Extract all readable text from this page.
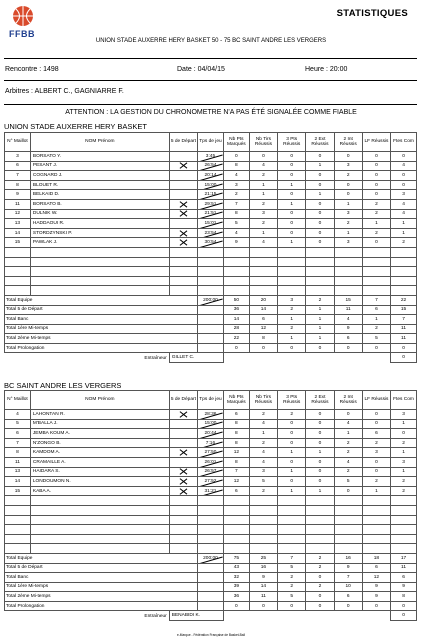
FFBB
STATISTIQUES
UNION STADE AUXERRE HERY BASKET 50 - 75 BC SAINT ANDRE LES VERGERS
Rencontre : 1498	Date : 04/04/15	Heure : 20:00
Arbitres : ALBERT C., GAGNIARRE F.
ATTENTION : LA GESTION DU CHRONOMETRE N'A PAS ÉTÉ SIGNALÉE COMME FIABLE
UNION STADE AUXERRE HERY BASKET
N° Maillot	NOM Prénom	5 de Départ	Tps de jeu	Nb Pts Marqués	Nb Tirs Réussis	3 Pts Réussis	2 Ext Réussis	2 Int Réussis	LF Réussis	Ftes Com
3	BORSATO Y.		3:45	0	0	0	0	0	0	0
6	PESANT J.		26:54	8	4	0	1	3	0	4
7	COGNARD J.		20:14	4	2	0	0	2	0	0
8	BLOUET R.		15:00	3	1	1	0	0	0	0
9	BELKAID D.		21:15	2	1	0	1	0	0	3
11	BORSATO B.		29:51	7	2	1	0	1	2	4
12	DULNIK W.		21:51	8	3	0	0	3	2	4
13	HADDAOUI R.		15:01	5	2	0	0	2	1	1
14	STORDZYNSKI P.		23:54	4	1	0	0	1	2	1
15	PAWLAK J.		30:54	9	4	1	0	3	0	2

Total Equipe			200:00	50	20	3	2	15	7	22
Total 5 de Départ				36	14	2	1	11	6	15
Total Banc				14	6	1	1	4	1	7
Total 1ère Mi-temps				28	12	2	1	9	2	11
Total 2ème Mi-temps				22	8	1	1	6	5	11
Total Prolongation				0	0	0	0	0	0	0
Entraîneur		GILLET C.								0
BC SAINT ANDRE LES VERGERS
N° Maillot	NOM Prénom	5 de Départ	Tps de jeu	Nb Pts Marqués	Nb Tirs Réussis	3 Pts Réussis	2 Ext Réussis	2 Int Réussis	LF Réussis	Ftes Com
4	LAHONTAN R.		28:36	6	2	2	0	0	0	3
5	M'BALLA J.		15:00	8	4	0	0	4	0	1
6	JEMBA KOUM A.		20:44	8	1	0	0	1	6	0
7	N'ZONGO B.		7:16	8	2	0	0	2	2	2
8	KAMDOM A.		27:50	12	4	1	1	2	3	1
11	CRAMAILLE A.		26:01	8	4	0	0	4	0	3
13	HAIDARA S.		26:57	7	3	1	0	2	0	1
14	LONDOUMON N.		27:52	12	5	0	0	5	2	2
15	KABA A.		31:21	6	2	1	1	0	1	2

Total Equipe			200:00	75	25	7	2	16	18	17
Total 5 de Départ				43	16	5	2	9	6	11
Total Banc				32	9	2	0	7	12	6
Total 1ère Mi-temps				39	14	2	2	10	9	9
Total 2ème Mi-temps				36	11	5	0	6	9	8
Total Prolongation				0	0	0	0	0	0	0
Entraîneur		BENABIDI K.								0
e-Marque - Fédération Française de Basket-Ball
